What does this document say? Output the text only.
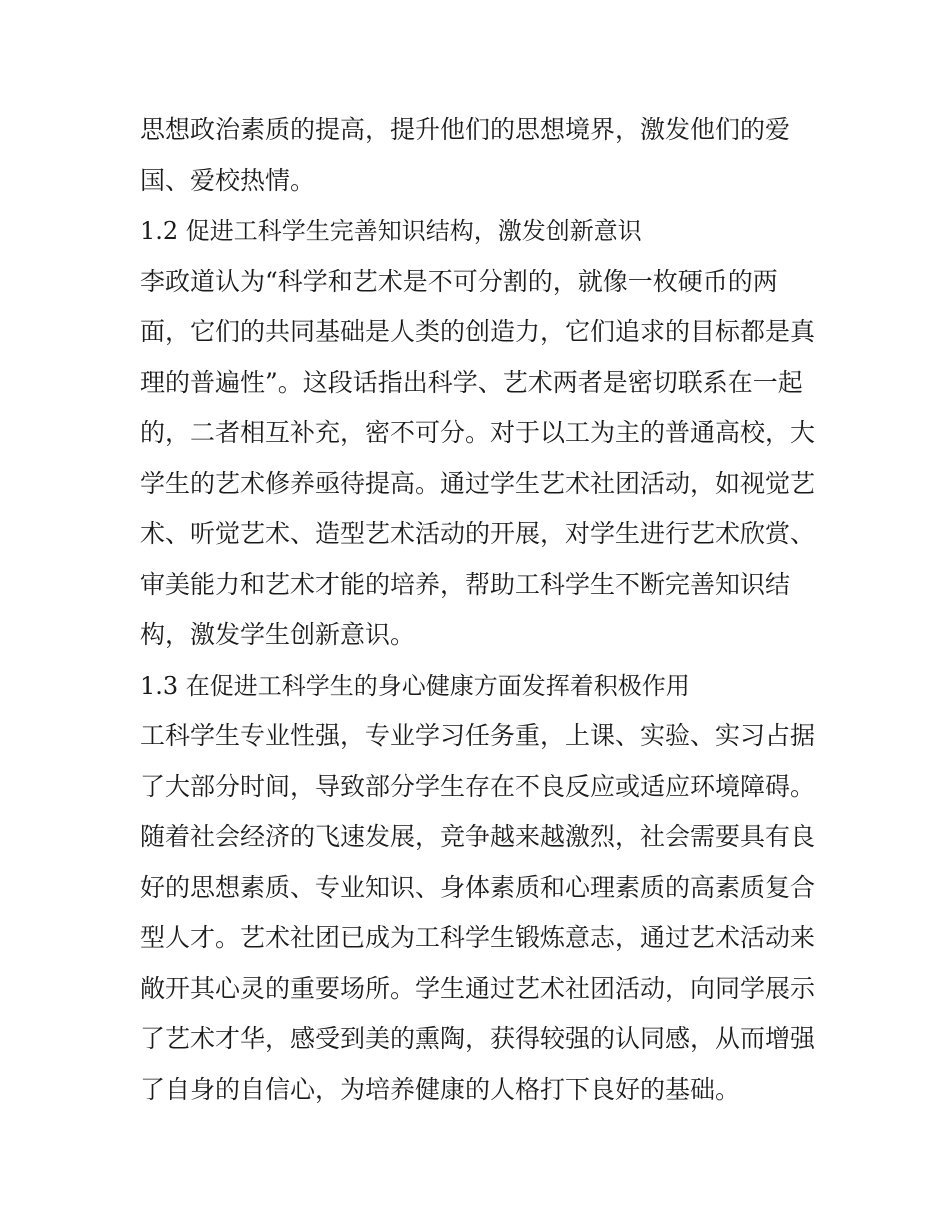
思想政治素质的提高，提升他们的思想境界，激发他们的爱
国、爱校热情。
1.2 促进工科学生完善知识结构，激发创新意识
李政道认为“科学和艺术是不可分割的，就像一枚硬币的两
面，它们的共同基础是人类的创造力，它们追求的目标都是真
理的普遍性”。这段话指出科学、艺术两者是密切联系在一起
的，二者相互补充，密不可分。对于以工为主的普通高校，大
学生的艺术修养亟待提高。通过学生艺术社团活动，如视觉艺
术、听觉艺术、造型艺术活动的开展，对学生进行艺术欣赏、
审美能力和艺术才能的培养，帮助工科学生不断完善知识结
构，激发学生创新意识。
1.3 在促进工科学生的身心健康方面发挥着积极作用
工科学生专业性强，专业学习任务重，上课、实验、实习占据
了大部分时间，导致部分学生存在不良反应或适应环境障碍。
随着社会经济的飞速发展，竞争越来越激烈，社会需要具有良
好的思想素质、专业知识、身体素质和心理素质的高素质复合
型人才。艺术社团已成为工科学生锻炼意志，通过艺术活动来
敞开其心灵的重要场所。学生通过艺术社团活动，向同学展示
了艺术才华，感受到美的熏陶，获得较强的认同感，从而增强
了自身的自信心，为培养健康的人格打下良好的基础。
